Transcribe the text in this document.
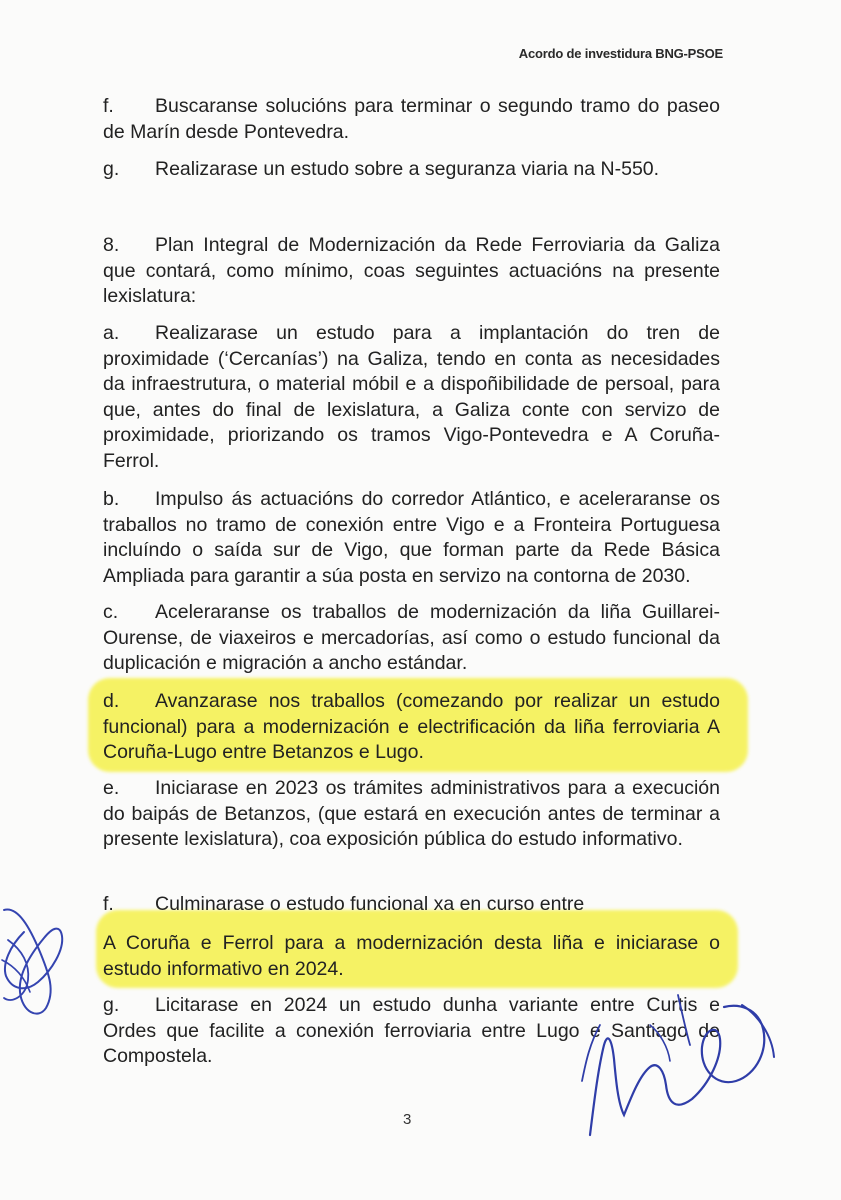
Acordo de investidura BNG-PSOE

f. Buscaranse solucións para terminar o segundo tramo do paseo de Marín desde Pontevedra.

g. Realizarase un estudo sobre a seguranza viaria na N-550.

8. Plan Integral de Modernización da Rede Ferroviaria da Galiza que contará, como mínimo, coas seguintes actuacións na presente lexislatura:

a. Realizarase un estudo para a implantación do tren de proximidade (‘Cercanías’) na Galiza, tendo en conta as necesidades da infraestrutura, o material móbil e a dispoñibilidade de persoal, para que, antes do final de lexislatura, a Galiza conte con servizo de proximidade, priorizando os tramos Vigo-Pontevedra e A Coruña-Ferrol.

b. Impulso ás actuacións do corredor Atlántico, e aceleraranse os traballos no tramo de conexión entre Vigo e a Fronteira Portuguesa incluíndo o saída sur de Vigo, que forman parte da Rede Básica Ampliada para garantir a súa posta en servizo na contorna de 2030.

c. Aceleraranse os traballos de modernización da liña Guillarei-Ourense, de viaxeiros e mercadorías, así como o estudo funcional da duplicación e migración a ancho estándar.

d. Avanzarase nos traballos (comezando por realizar un estudo funcional) para a modernización e electrificación da liña ferroviaria A Coruña-Lugo entre Betanzos e Lugo.

e. Iniciarase en 2023 os trámites administrativos para a execución do baipás de Betanzos, (que estará en execución antes de terminar a presente lexislatura), coa exposición pública do estudo informativo.

f. Culminarase o estudo funcional xa en curso entre

A Coruña e Ferrol para a modernización desta liña e iniciarase o estudo informativo en 2024.

g. Licitarase en 2024 un estudo dunha variante entre Curtis e Ordes que facilite a conexión ferroviaria entre Lugo e Santiago de Compostela.

3
